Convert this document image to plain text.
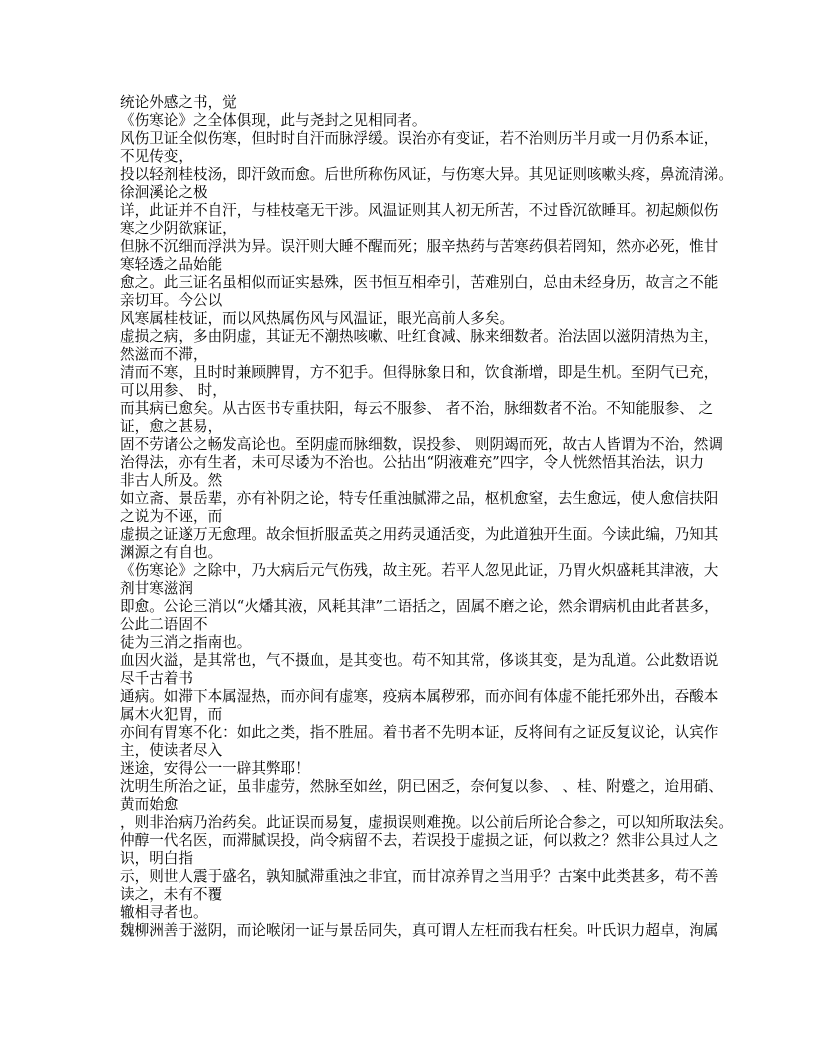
统论外感之书，觉
《伤寒论》之全体俱现，此与尧封之见相同者。
风伤卫证全似伤寒，但时时自汗而脉浮缓。误治亦有变证，若不治则历半月或一月仍系本证，
不见传变，
投以轻剂桂枝汤，即汗敛而愈。后世所称伤风证，与伤寒大异。其见证则咳嗽头疼，鼻流清涕。
徐洄溪论之极
详，此证并不自汗，与桂枝毫无干涉。风温证则其人初无所苦，不过昏沉欲睡耳。初起颇似伤
寒之少阴欲寐证，
但脉不沉细而浮洪为异。误汗则大睡不醒而死；服辛热药与苦寒药俱若罔知，然亦必死，惟甘
寒轻透之品始能
愈之。此三证名虽相似而证实悬殊，医书恒互相牵引，苦难别白，总由未经身历，故言之不能
亲切耳。今公以
风寒属桂枝证，而以风热属伤风与风温证，眼光高前人多矣。
虚损之病，多由阴虚，其证无不潮热咳嗽、吐红食减、脉来细数者。治法固以滋阴清热为主，
然滋而不滞，
清而不寒，且时时兼顾脾胃，方不犯手。但得脉象日和，饮食渐增，即是生机。至阴气已充，
可以用参、 时，
而其病已愈矣。从古医书专重扶阳，每云不服参、 者不治，脉细数者不治。不知能服参、 之
证，愈之甚易，
固不劳诸公之畅发高论也。至阴虚而脉细数，误投参、 则阴竭而死，故古人皆谓为不治，然调
治得法，亦有生者，未可尽诿为不治也。公拈出“阴液难充”四字，令人恍然悟其治法，识力
非古人所及。然
如立斋、景岳辈，亦有补阴之论，特专任重浊腻滞之品，枢机愈窒，去生愈远，使人愈信扶阳
之说为不诬，而
虚损之证遂万无愈理。故余恒折服孟英之用药灵通活变，为此道独开生面。今读此编，乃知其
渊源之有自也。
《伤寒论》之除中，乃大病后元气伤残，故主死。若平人忽见此证，乃胃火炽盛耗其津液，大
剂甘寒滋润
即愈。公论三消以“火燔其液，风耗其津”二语括之，固属不磨之论，然余谓病机由此者甚多，
公此二语固不
徒为三消之指南也。
血因火溢，是其常也，气不摄血，是其变也。苟不知其常，侈谈其变，是为乱道。公此数语说
尽千古着书
通病。如滞下本属湿热，而亦间有虚寒，疫病本属秽邪，而亦间有体虚不能托邪外出，吞酸本
属木火犯胃，而
亦间有胃寒不化：如此之类，指不胜屈。着书者不先明本证，反将间有之证反复议论，认宾作
主，使读者尽入
迷途，安得公一一辟其弊耶！
沈明生所治之证，虽非虚劳，然脉至如丝，阴已困乏，奈何复以参、 、桂、附蹙之，迨用硝、
黄而始愈
，则非治病乃治药矣。此证误而易复，虚损误则难挽。以公前后所论合参之，可以知所取法矣。
仲醇一代名医，而滞腻误投，尚令病留不去，若误投于虚损之证，何以救之？然非公具过人之
识，明白指
示，则世人震于盛名，孰知腻滞重浊之非宜，而甘凉养胃之当用乎？古案中此类甚多，苟不善
读之，未有不覆
辙相寻者也。
魏柳洲善于滋阴，而论喉闭一证与景岳同失，真可谓人左枉而我右枉矣。叶氏识力超卓，洵属
